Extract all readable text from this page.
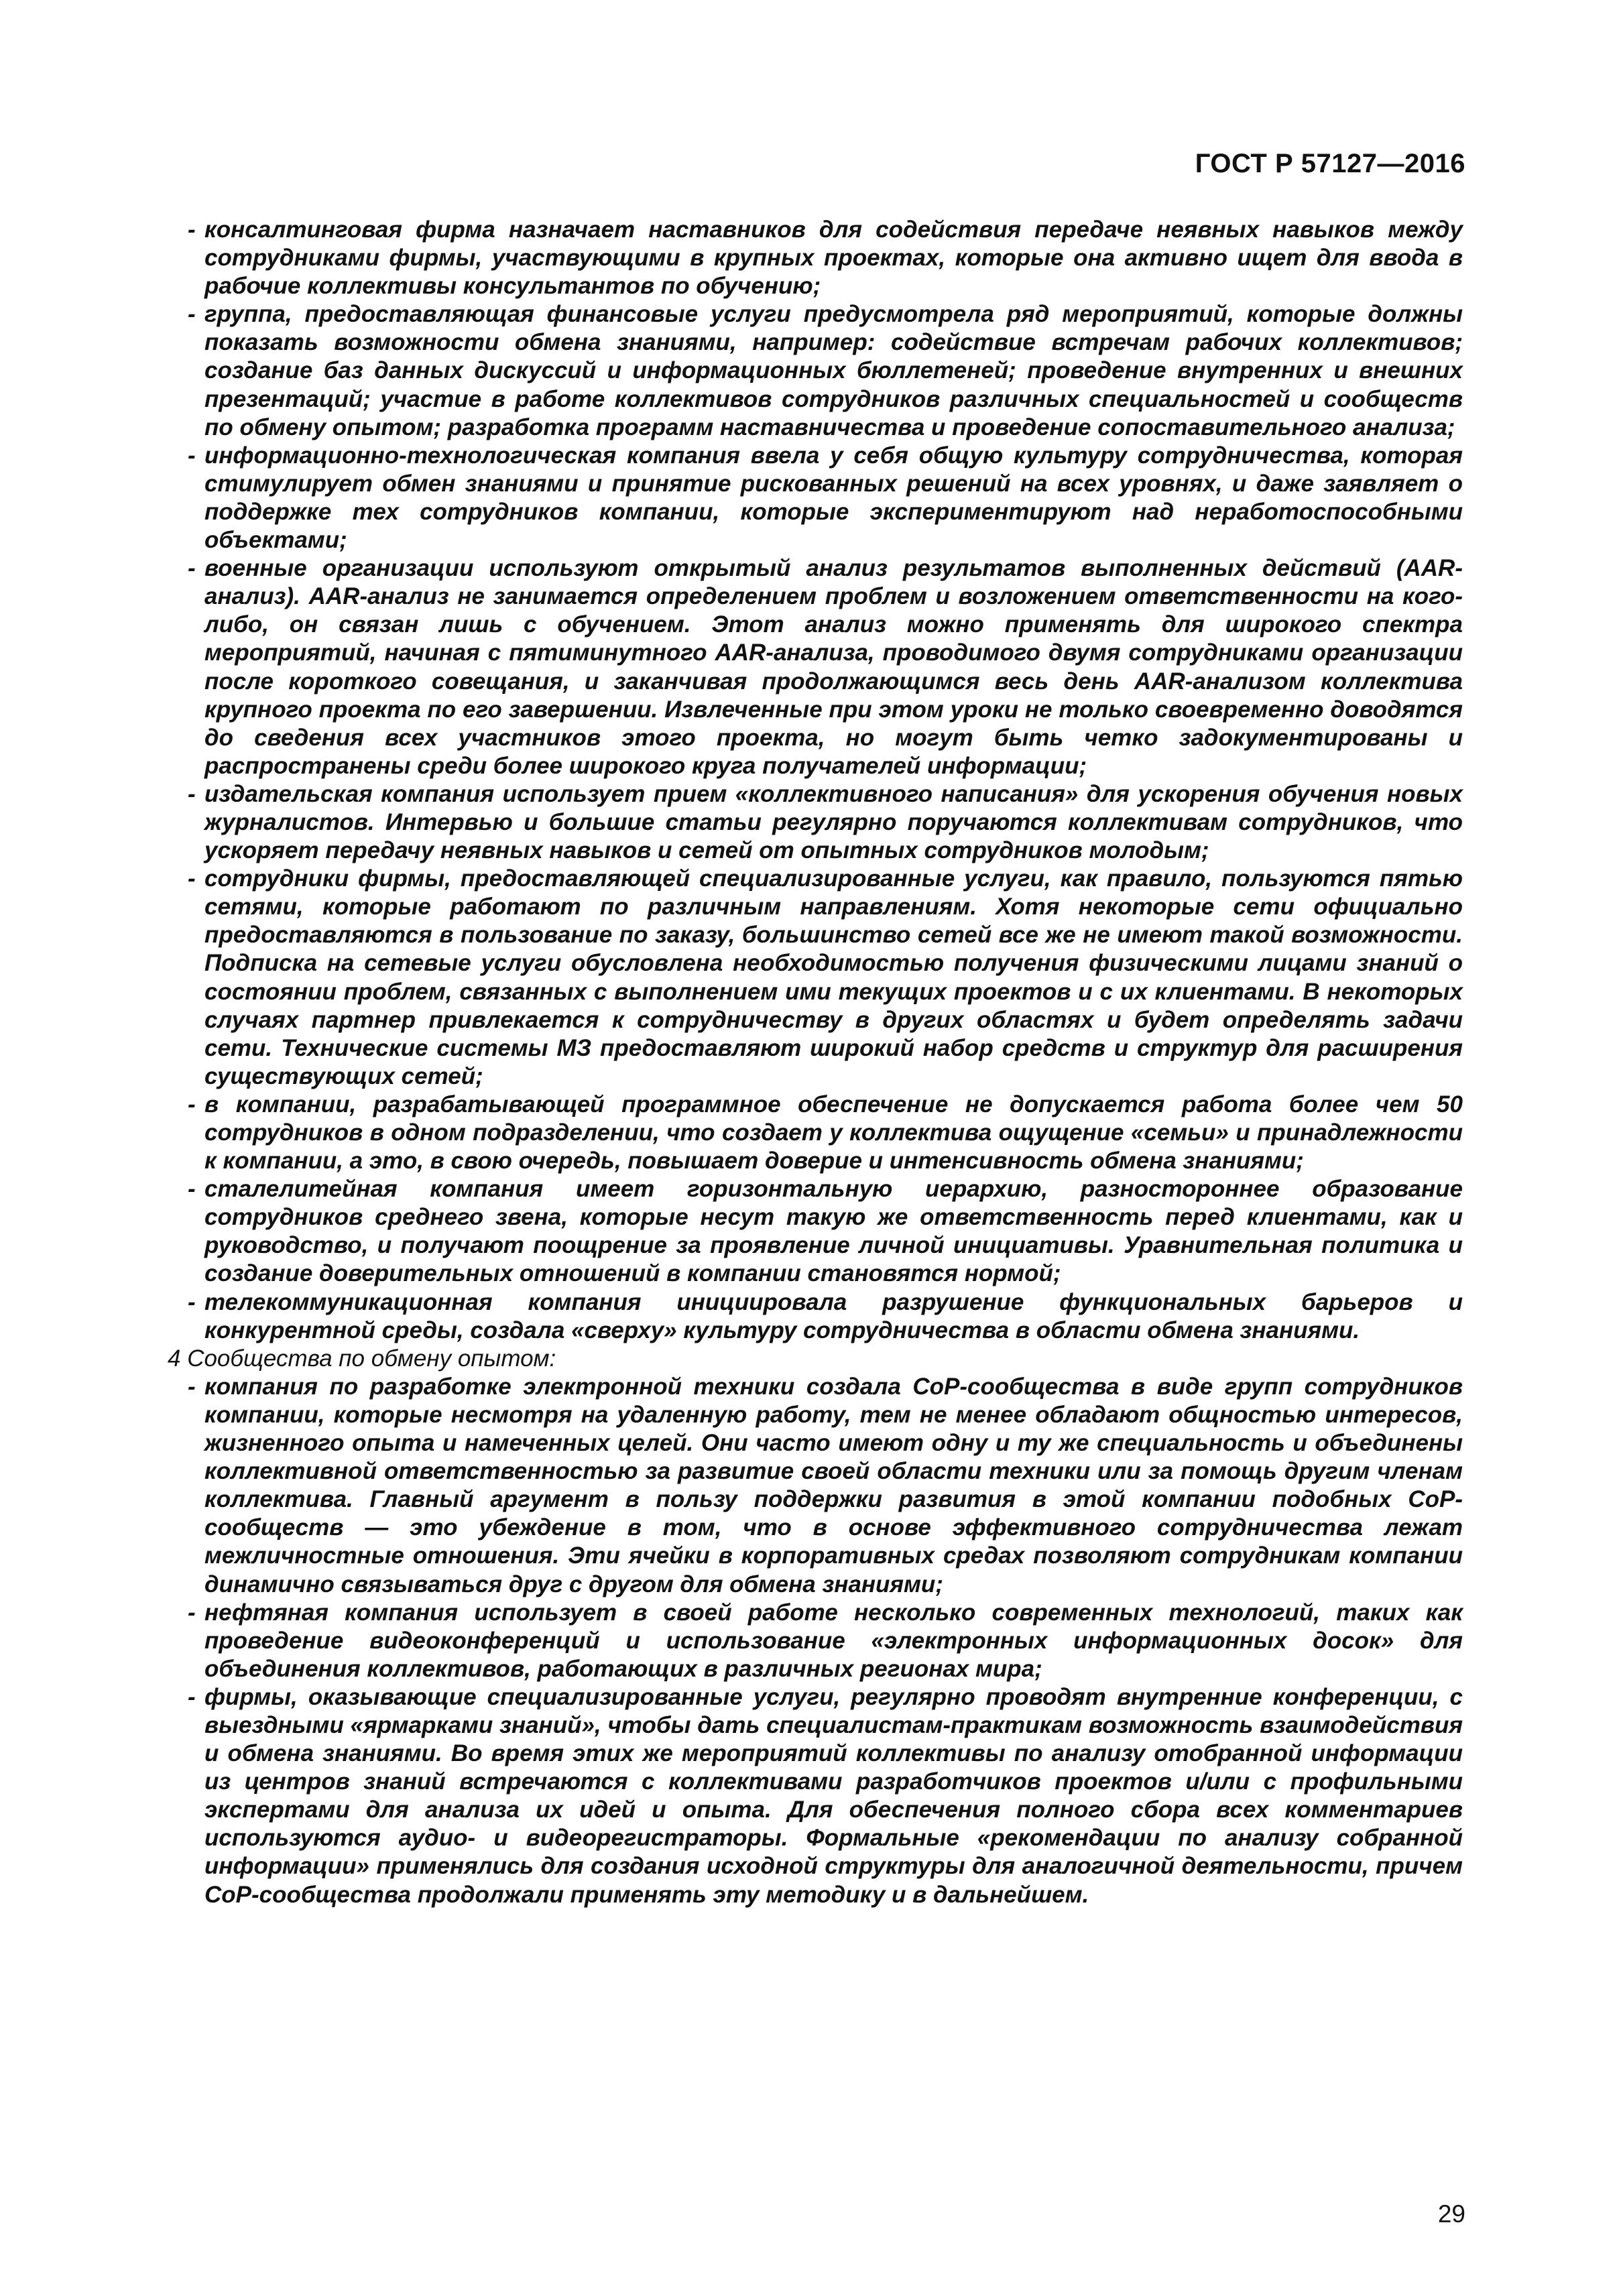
ГОСТ Р 57127—2016
- консалтинговая фирма назначает наставников для содействия передаче неявных навыков между сотрудниками фирмы, участвующими в крупных проектах, которые она активно ищет для ввода в рабочие коллективы консультантов по обучению;
- группа, предоставляющая финансовые услуги предусмотрела ряд мероприятий, которые должны показать возможности обмена знаниями, например: содействие встречам рабочих коллективов; создание баз данных дискуссий и информационных бюллетеней; проведение внутренних и внешних презентаций; участие в работе коллективов сотрудников различных специальностей и сообществ по обмену опытом; разработка программ наставничества и проведение сопоставительного анализа;
- информационно-технологическая компания ввела у себя общую культуру сотрудничества, которая стимулирует обмен знаниями и принятие рискованных решений на всех уровнях, и даже заявляет о поддержке тех сотрудников компании, которые экспериментируют над неработоспособными объектами;
- военные организации используют открытый анализ результатов выполненных действий (AAR-анализ). AAR-анализ не занимается определением проблем и возложением ответственности на кого-либо, он связан лишь с обучением. Этот анализ можно применять для широкого спектра мероприятий, начиная с пятиминутного AAR-анализа, проводимого двумя сотрудниками организации после короткого совещания, и заканчивая продолжающимся весь день AAR-анализом коллектива крупного проекта по его завершении. Извлеченные при этом уроки не только своевременно доводятся до сведения всех участников этого проекта, но могут быть четко задокументированы и распространены среди более широкого круга получателей информации;
- издательская компания использует прием «коллективного написания» для ускорения обучения новых журналистов. Интервью и большие статьи регулярно поручаются коллективам сотрудников, что ускоряет передачу неявных навыков и сетей от опытных сотрудников молодым;
- сотрудники фирмы, предоставляющей специализированные услуги, как правило, пользуются пятью сетями, которые работают по различным направлениям. Хотя некоторые сети официально предоставляются в пользование по заказу, большинство сетей все же не имеют такой возможности. Подписка на сетевые услуги обусловлена необходимостью получения физическими лицами знаний о состоянии проблем, связанных с выполнением ими текущих проектов и с их клиентами. В некоторых случаях партнер привлекается к сотрудничеству в других областях и будет определять задачи сети. Технические системы МЗ предоставляют широкий набор средств и структур для расширения существующих сетей;
- в компании, разрабатывающей программное обеспечение не допускается работа более чем 50 сотрудников в одном подразделении, что создает у коллектива ощущение «семьи» и принадлежности к компании, а это, в свою очередь, повышает доверие и интенсивность обмена знаниями;
- сталелитейная компания имеет горизонтальную иерархию, разностороннее образование сотрудников среднего звена, которые несут такую же ответственность перед клиентами, как и руководство, и получают поощрение за проявление личной инициативы. Уравнительная политика и создание доверительных отношений в компании становятся нормой;
- телекоммуникационная компания инициировала разрушение функциональных барьеров и конкурентной среды, создала «сверху» культуру сотрудничества в области обмена знаниями.
4 Сообщества по обмену опытом:
- компания по разработке электронной техники создала CoP-сообщества в виде групп сотрудников компании, которые несмотря на удаленную работу, тем не менее обладают общностью интересов, жизненного опыта и намеченных целей. Они часто имеют одну и ту же специальность и объединены коллективной ответственностью за развитие своей области техники или за помощь другим членам коллектива. Главный аргумент в пользу поддержки развития в этой компании подобных CoP-сообществ — это убеждение в том, что в основе эффективного сотрудничества лежат межличностные отношения. Эти ячейки в корпоративных средах позволяют сотрудникам компании динамично связываться друг с другом для обмена знаниями;
- нефтяная компания использует в своей работе несколько современных технологий, таких как проведение видеоконференций и использование «электронных информационных досок» для объединения коллективов, работающих в различных регионах мира;
- фирмы, оказывающие специализированные услуги, регулярно проводят внутренние конференции, с выездными «ярмарками знаний», чтобы дать специалистам-практикам возможность взаимодействия и обмена знаниями. Во время этих же мероприятий коллективы по анализу отобранной информации из центров знаний встречаются с коллективами разработчиков проектов и/или с профильными экспертами для анализа их идей и опыта. Для обеспечения полного сбора всех комментариев используются аудио- и видеорегистраторы. Формальные «рекомендации по анализу собранной информации» применялись для создания исходной структуры для аналогичной деятельности, причем CoP-сообщества продолжали применять эту методику и в дальнейшем.
29
